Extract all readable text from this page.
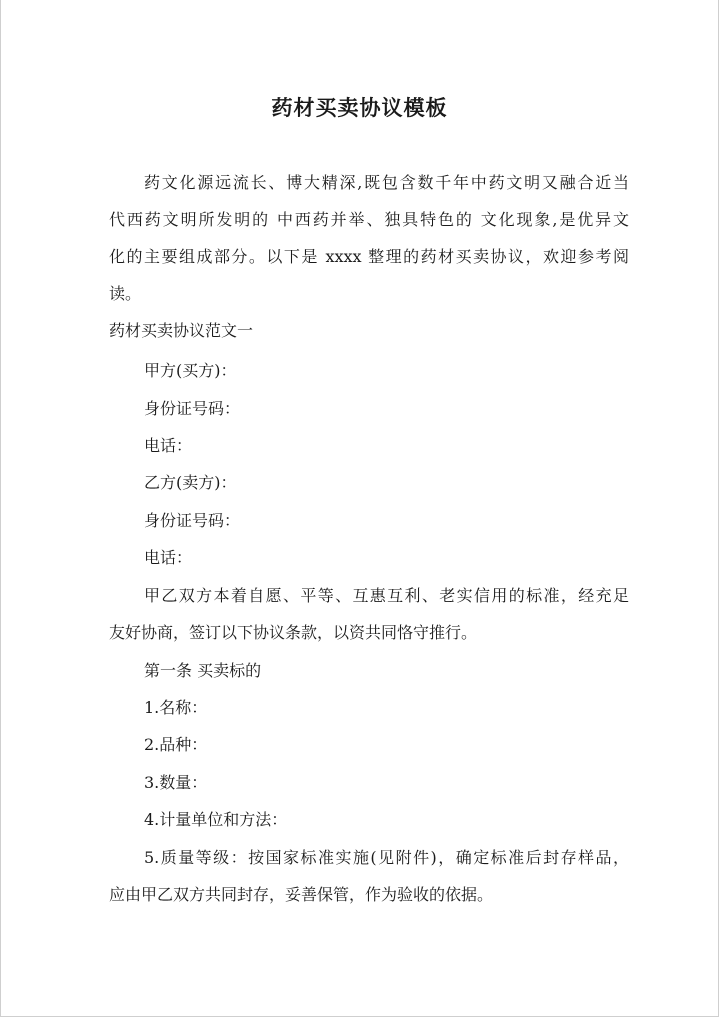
药材买卖协议模板

药文化源远流长、博大精深,既包含数千年中药文明又融合近当

代西药文明所发明的 中西药并举、独具特色的 文化现象,是优异文

化的主要组成部分。以下是 xxxx 整理的药材买卖协议，欢迎参考阅

读。

药材买卖协议范文一

甲方(买方)：

身份证号码：

电话：

乙方(卖方)：

身份证号码：

电话：

甲乙双方本着自愿、平等、互惠互利、老实信用的标准，经充足

友好协商，签订以下协议条款，以资共同恪守推行。

第一条 买卖标的

1.名称：

2.品种：

3.数量：

4.计量单位和方法：

5.质量等级：按国家标准实施(见附件)，确定标准后封存样品，

应由甲乙双方共同封存，妥善保管，作为验收的依据。
